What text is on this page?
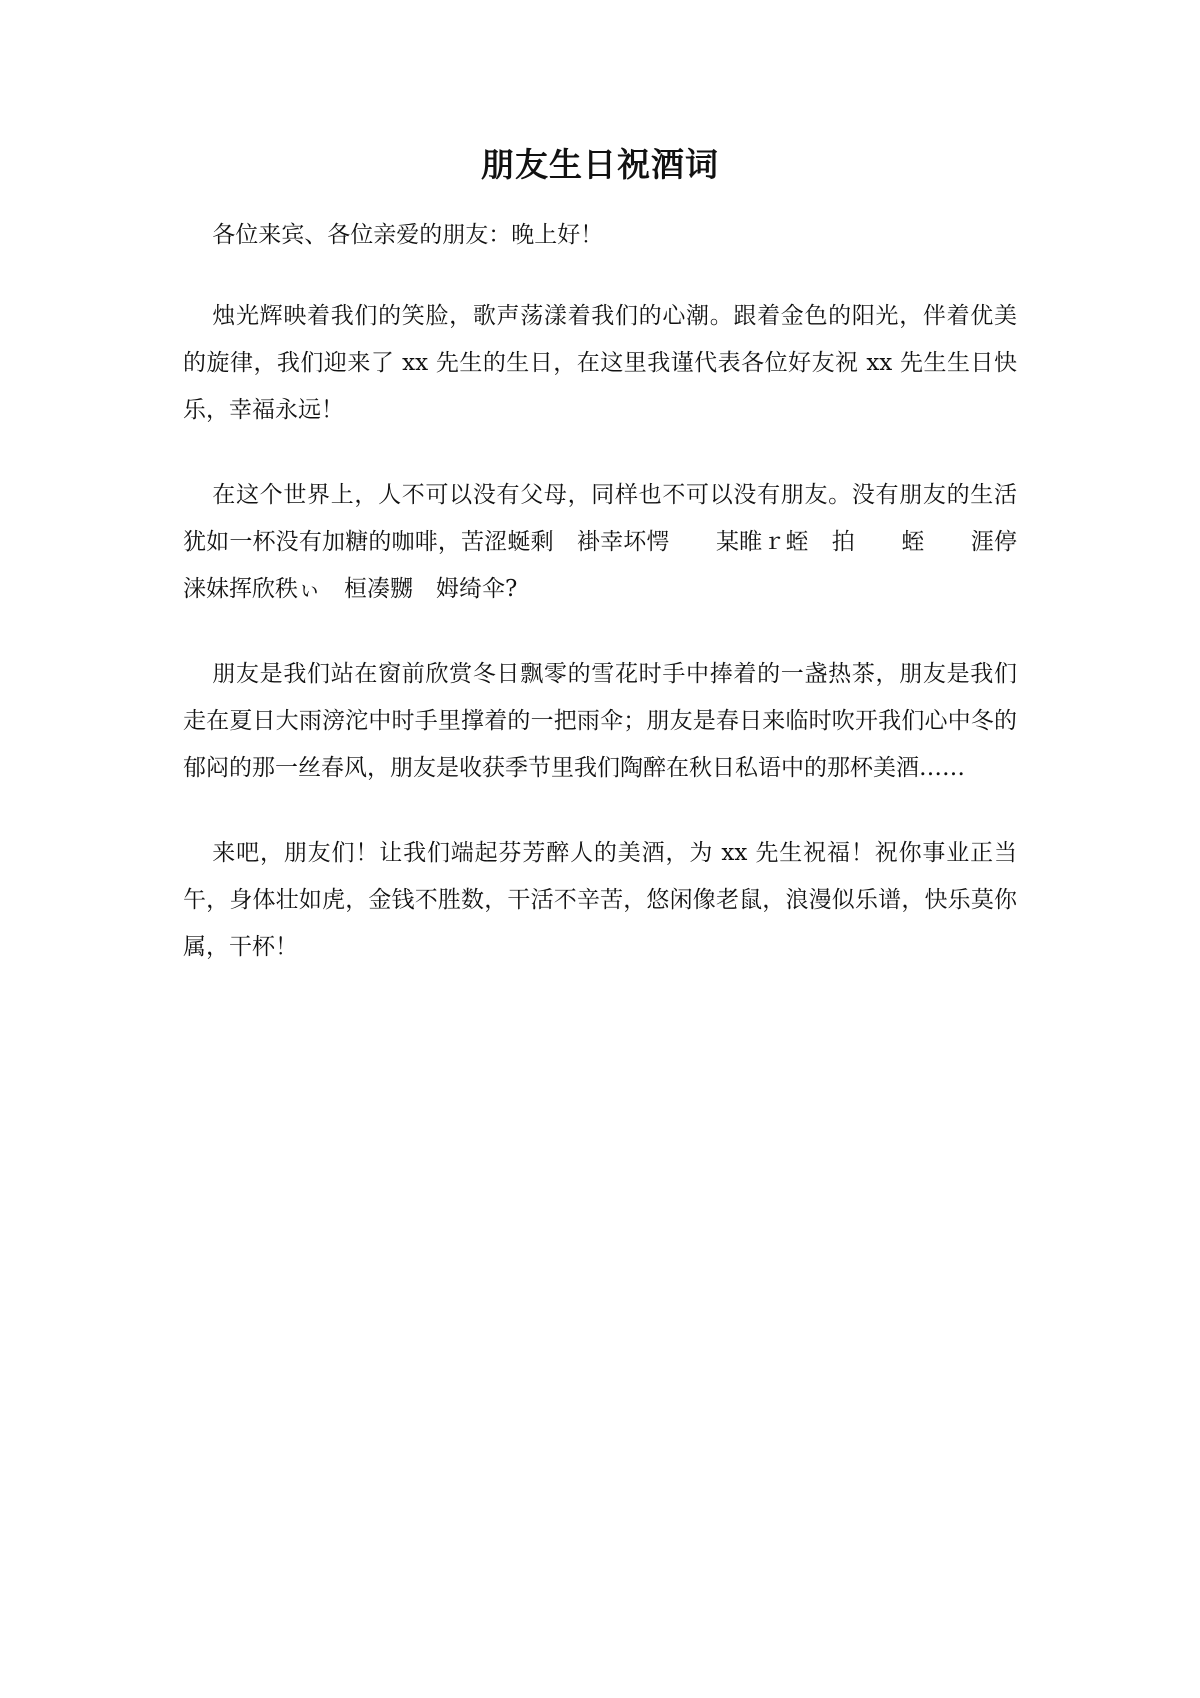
朋友生日祝酒词

各位来宾、各位亲爱的朋友：晚上好！

烛光辉映着我们的笑脸，歌声荡漾着我们的心潮。跟着金色的阳光，伴着优美的旋律，我们迎来了 xx 先生的生日，在这里我谨代表各位好友祝 xx 先生生日快乐，幸福永远！

在这个世界上，人不可以没有父母，同样也不可以没有朋友。没有朋友的生活犹如一杯没有加糖的咖啡，苦涩蜒剩　褂幸坏愕　　某睢ｒ蛭　拍　　蛭　　涯停　　　　　涞妹挥欣秩ぃ　桓凑嬲　姆绮伞?

朋友是我们站在窗前欣赏冬日飘零的雪花时手中捧着的一盏热茶，朋友是我们走在夏日大雨滂沱中时手里撑着的一把雨伞；朋友是春日来临时吹开我们心中冬的郁闷的那一丝春风，朋友是收获季节里我们陶醉在秋日私语中的那杯美酒……

来吧，朋友们！让我们端起芬芳醉人的美酒，为 xx 先生祝福！祝你事业正当午，身体壮如虎，金钱不胜数，干活不辛苦，悠闲像老鼠，浪漫似乐谱，快乐莫你属，干杯！
